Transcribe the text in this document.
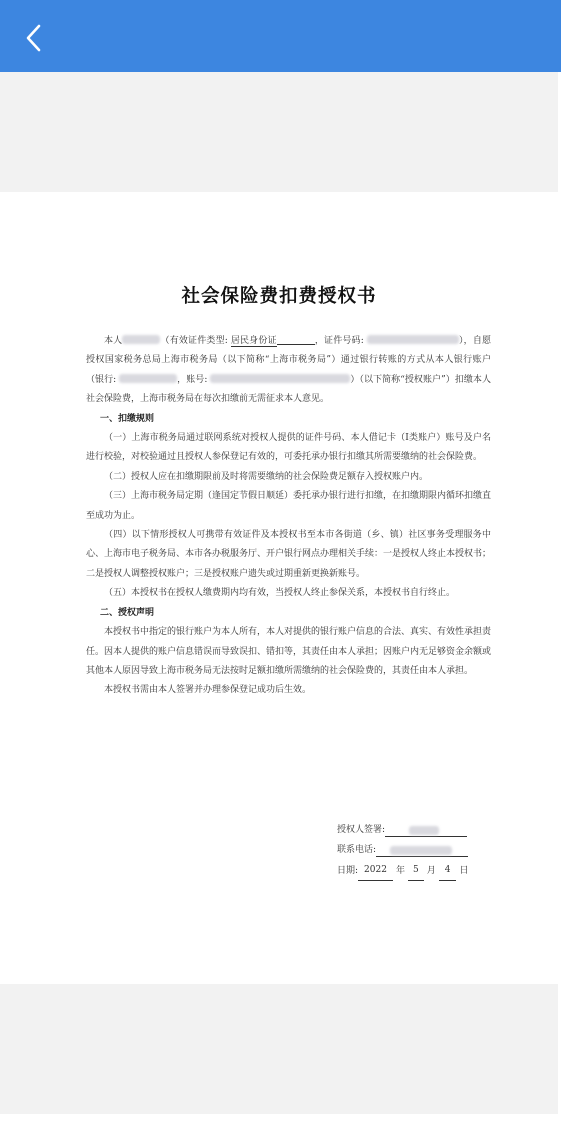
社会保险费扣费授权书

本人	（有效证件类型: 居民身份证	，证件号码:	），自愿授权国家税务总局上海市税务局（以下简称“上海市税务局”）通过银行转账的方式从本人银行账户（银行:	，账号:	）（以下简称“授权账户”）扣缴本人社会保险费，上海市税务局在每次扣缴前无需征求本人意见。

一、扣缴规则

（一）上海市税务局通过联网系统对授权人提供的证件号码、本人借记卡（I类账户）账号及户名进行校验，对校验通过且授权人参保登记有效的，可委托承办银行扣缴其所需要缴纳的社会保险费。

（二）授权人应在扣缴期限前及时将需要缴纳的社会保险费足额存入授权账户内。

（三）上海市税务局定期（逢国定节假日顺延）委托承办银行进行扣缴，在扣缴期限内循环扣缴直至成功为止。

（四）以下情形授权人可携带有效证件及本授权书至本市各街道（乡、镇）社区事务受理服务中心、上海市电子税务局、本市各办税服务厅、开户银行网点办理相关手续：一是授权人终止本授权书；二是授权人调整授权账户；三是授权账户遗失或过期重新更换新账号。

（五）本授权书在授权人缴费期内均有效，当授权人终止参保关系，本授权书自行终止。

二、授权声明

本授权书中指定的银行账户为本人所有，本人对提供的银行账户信息的合法、真实、有效性承担责任。因本人提供的账户信息错误而导致误扣、错扣等，其责任由本人承担；因账户内无足够资金余额或其他本人原因导致上海市税务局无法按时足额扣缴所需缴纳的社会保险费的，其责任由本人承担。

本授权书需由本人签署并办理参保登记成功后生效。

授权人签署:
联系电话:
日期: 2022	年 5 月	4	日
